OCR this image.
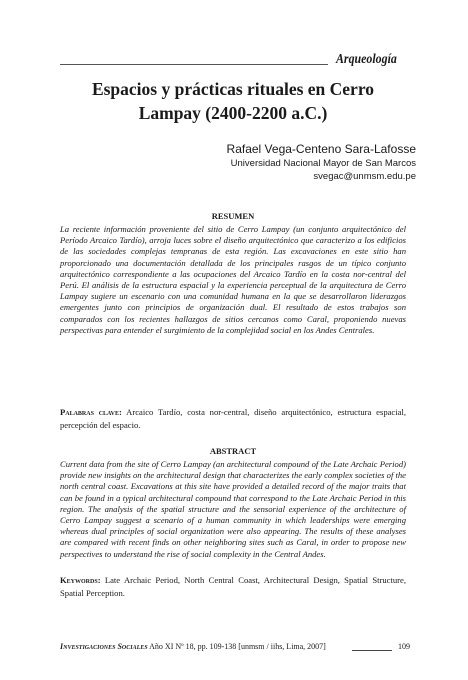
Arqueología
Espacios y prácticas rituales en Cerro
Lampay (2400-2200 a.C.)
Rafael Vega-Centeno Sara-Lafosse
Universidad Nacional Mayor de San Marcos
svegac@unmsm.edu.pe
RESUMEN

La reciente información proveniente del sitio de Cerro Lampay (un conjunto arquitectónico del Período Arcaico Tardío), arroja luces sobre el diseño arquitectónico que caracterizo a los edificios de las sociedades complejas tempranas de esta región. Las excavaciones en este sitio han proporcionado una documentación detallada de los principales rasgos de un típico conjunto arquitectónico correspondiente a las ocupaciones del Arcaico Tardío en la costa nor-central del Perú. El análisis de la estructura espacial y la experiencia perceptual de la arquitectura de Cerro Lampay sugiere un escenario con una comunidad humana en la que se desarrollaron liderazgos emergentes junto con principios de organización dual. El resultado de estos trabajos son comparados con los recientes hallazgos de sitios cercanos como Caral, proponiendo nuevas perspectivas para entender el surgimiento de la complejidad social en los Andes Centrales.

Palabras clave: Arcaico Tardío, costa nor-central, diseño arquitectónico, estructura espacial, percepción del espacio.

ABSTRACT

Current data from the site of Cerro Lampay (an architectural compound of the Late Archaic Period) provide new insights on the architectural design that characterizes the early complex societies of the north central coast. Excavations at this site have provided a detailed record of the major traits that can be found in a typical architectural compound that correspond to the Late Archaic Period in this region. The analysis of the spatial structure and the sensorial experience of the architecture of Cerro Lampay suggest a scenario of a human community in which leaderships were emerging whereas dual principles of social organization were also appearing. The results of these analyses are compared with recent finds on other neighboring sites such as Caral, in order to propose new perspectives to understand the rise of social complexity in the Central Andes.

Keywords: Late Archaic Period, North Central Coast, Architectural Design, Spatial Structure, Spatial Perception.

Investigaciones Sociales Año XI Nº 18, pp. 109-138 [unmsm / iihs, Lima, 2007]	109
